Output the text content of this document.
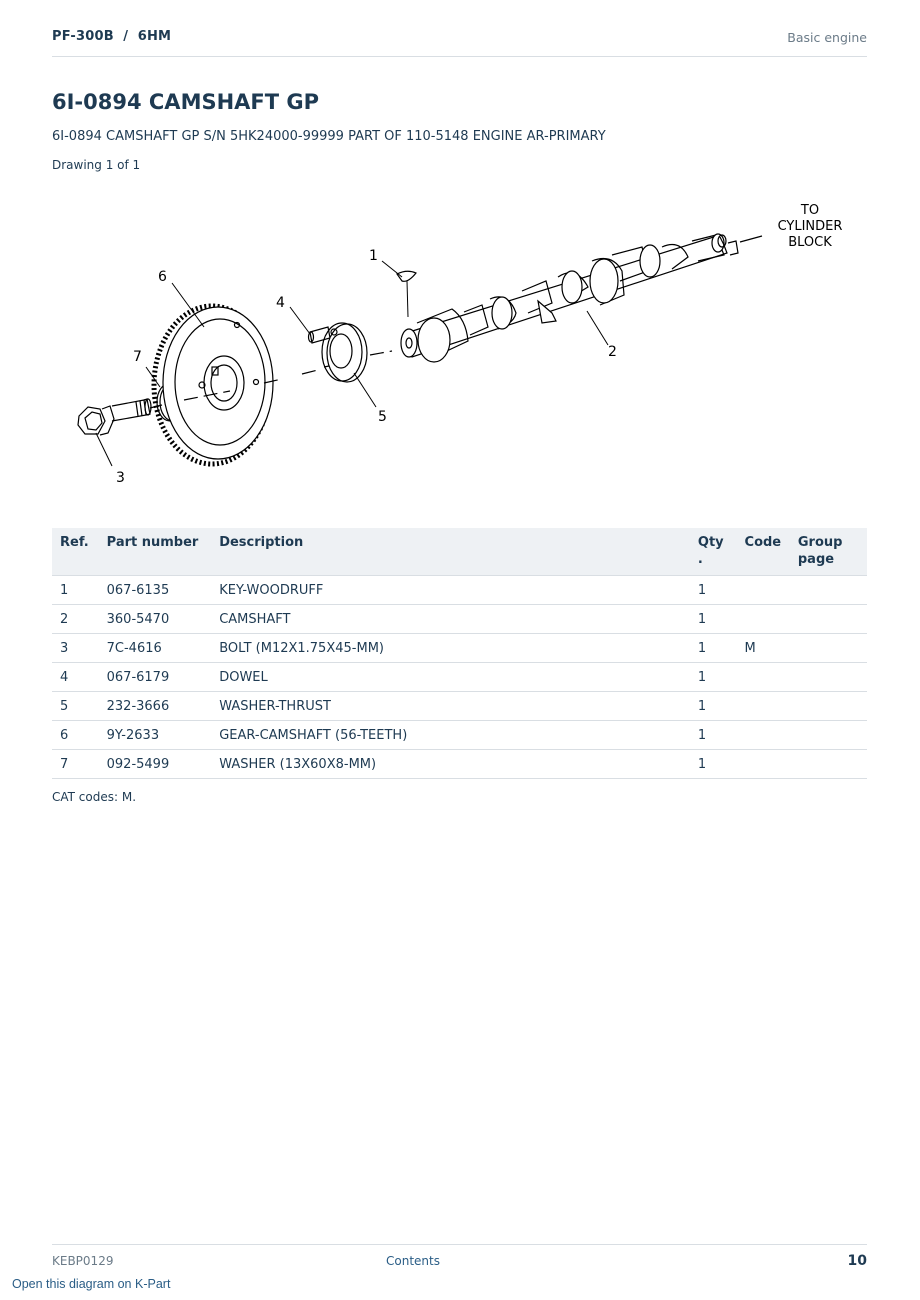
PF-300B  /  6HM	Basic engine
6I-0894 CAMSHAFT GP
6I-0894 CAMSHAFT GP S/N 5HK24000-99999 PART OF 110-5148 ENGINE AR-PRIMARY
Drawing 1 of 1
1
2
3
4
5
6
7
TO
CYLINDER
BLOCK
Ref.	Part number	Description	Qty .	Code	Group page
1	067-6135	KEY-WOODRUFF	1		
2	360-5470	CAMSHAFT	1		
3	7C-4616	BOLT (M12X1.75X45-MM)	1	M	
4	067-6179	DOWEL	1		
5	232-3666	WASHER-THRUST	1		
6	9Y-2633	GEAR-CAMSHAFT (56-TEETH)	1		
7	092-5499	WASHER (13X60X8-MM)	1		
CAT codes: M.
KEBP0129	Contents	10
Open this diagram on K-Part
